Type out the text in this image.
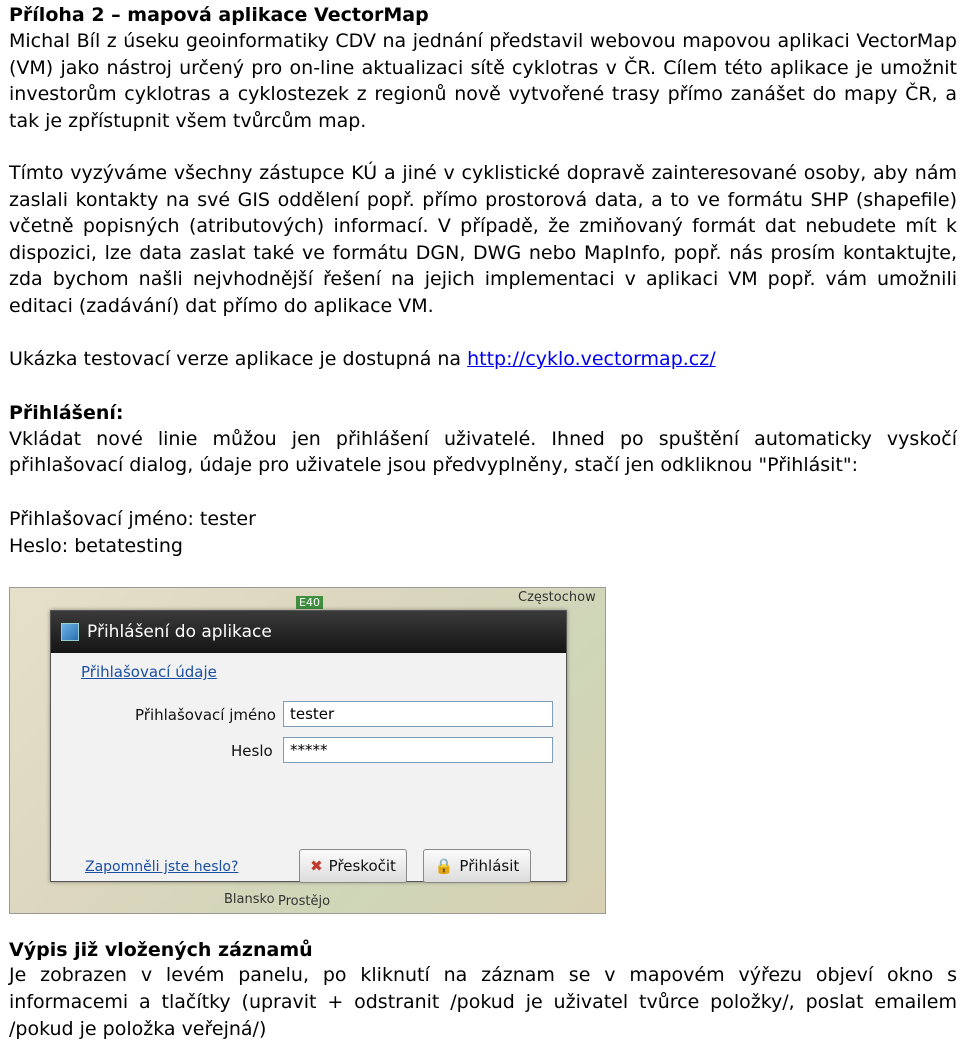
Příloha 2 – mapová aplikace VectorMap

Michal Bíl z úseku geoinformatiky CDV na jednání představil webovou mapovou aplikaci VectorMap (VM) jako nástroj určený pro on-line aktualizaci sítě cyklotras v ČR. Cílem této aplikace je umožnit investorům cyklotras a cyklostezek z regionů nově vytvořené trasy přímo zanášet do mapy ČR, a tak je zpřístupnit všem tvůrcům map.

Tímto vyzýváme všechny zástupce KÚ a jiné v cyklistické dopravě zainteresované osoby, aby nám zaslali kontakty na své GIS oddělení popř. přímo prostorová data, a to ve formátu SHP (shapefile) včetně popisných (atributových) informací. V případě, že zmiňovaný formát dat nebudete mít k dispozici, lze data zaslat také ve formátu DGN, DWG nebo MapInfo, popř. nás prosím kontaktujte, zda bychom našli nejvhodnější řešení na jejich implementaci v aplikaci VM popř. vám umožnili editaci (zadávání) dat přímo do aplikace VM.

Ukázka testovací verze aplikace je dostupná na http://cyklo.vectormap.cz/

Přihlášení:

Vkládat nové linie můžou jen přihlášení uživatelé. Ihned po spuštění automaticky vyskočí přihlašovací dialog, údaje pro uživatele jsou předvyplněny, stačí jen odkliknou "Přihlásit":

Přihlašovací jméno: tester
Heslo: betatesting
Częstochow
E40
Blansko Prostějo
Přihlášení do aplikace
Přihlašovací údaje
Přihlašovací jméno
tester
Heslo
*****
Zapomněli jste heslo?	✖ Přeskočit	🔒 Přihlásit
Výpis již vložených záznamů

Je zobrazen v levém panelu, po kliknutí na záznam se v mapovém výřezu objeví okno s informacemi a tlačítky (upravit + odstranit /pokud je uživatel tvůrce položky/, poslat emailem /pokud je položka veřejná/)
